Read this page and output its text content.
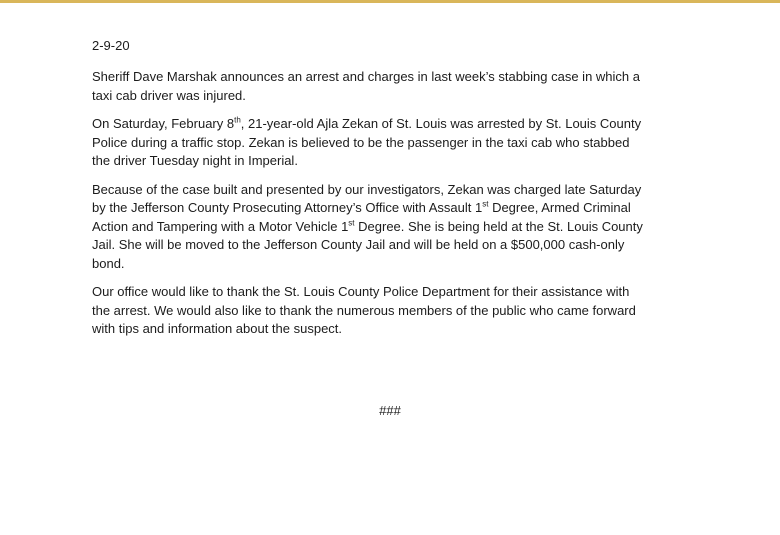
2-9-20
Sheriff Dave Marshak announces an arrest and charges in last week’s stabbing case in which a
taxi cab driver was injured.
On Saturday, February 8th, 21-year-old Ajla Zekan of St. Louis was arrested by St. Louis County
Police during a traffic stop. Zekan is believed to be the passenger in the taxi cab who stabbed
the driver Tuesday night in Imperial.
Because of the case built and presented by our investigators, Zekan was charged late Saturday
by the Jefferson County Prosecuting Attorney’s Office with Assault 1st Degree, Armed Criminal
Action and Tampering with a Motor Vehicle 1st Degree. She is being held at the St. Louis County
Jail. She will be moved to the Jefferson County Jail and will be held on a $500,000 cash-only
bond.
Our office would like to thank the St. Louis County Police Department for their assistance with
the arrest. We would also like to thank the numerous members of the public who came forward
with tips and information about the suspect.
###
